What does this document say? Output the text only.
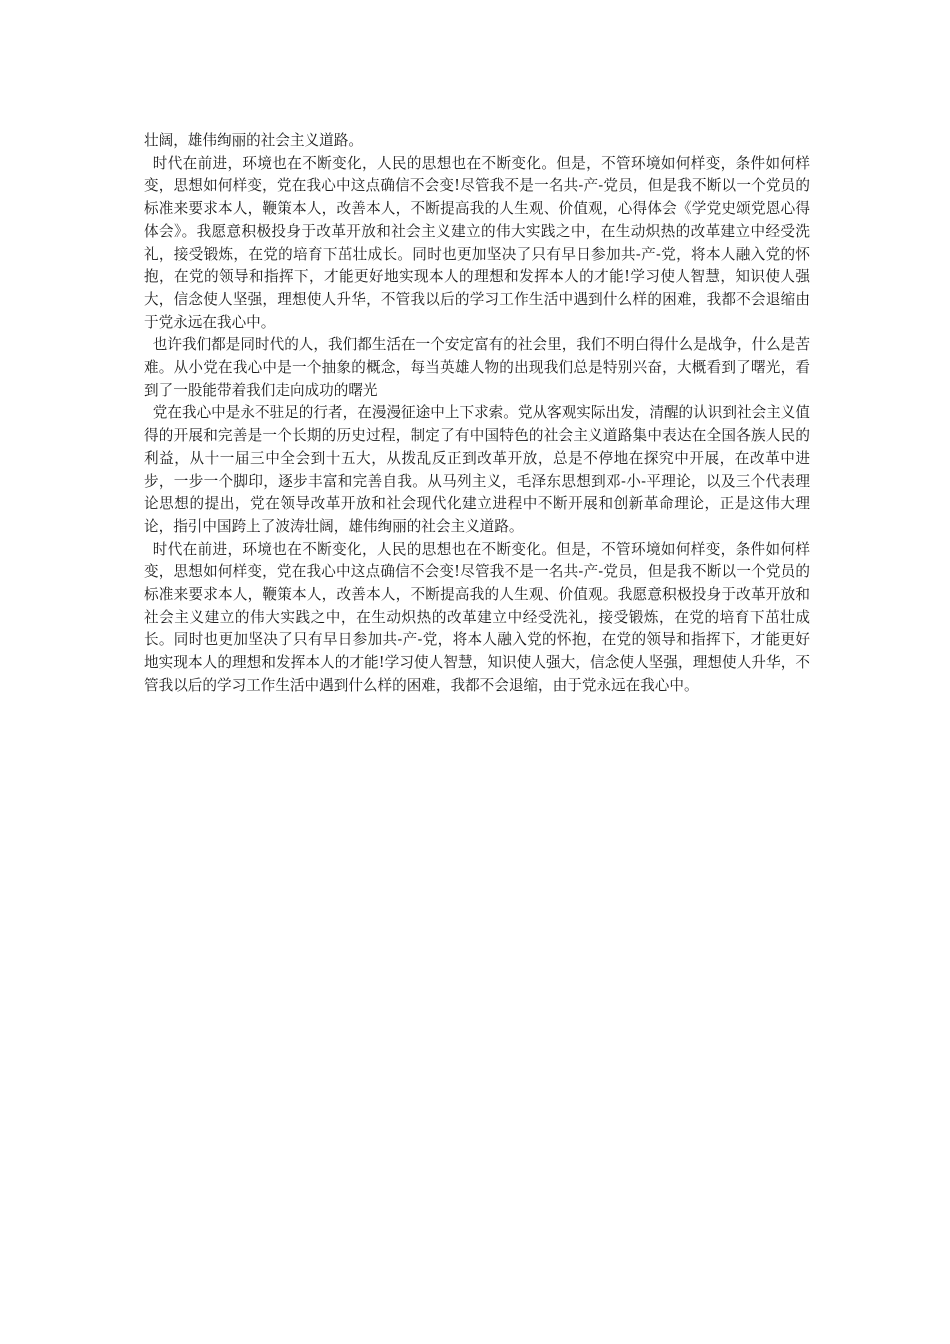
壮阔，雄伟绚丽的社会主义道路。

时代在前进，环境也在不断变化，人民的思想也在不断变化。但是，不管环境如何样变，条件如何样变，思想如何样变，党在我心中这点确信不会变!尽管我不是一名共-产-党员，但是我不断以一个党员的标准来要求本人，鞭策本人，改善本人，不断提高我的人生观、价值观，心得体会《学党史颂党恩心得体会》。我愿意积极投身于改革开放和社会主义建立的伟大实践之中，在生动炽热的改革建立中经受洗礼，接受锻炼，在党的培育下茁壮成长。同时也更加坚决了只有早日参加共-产-党，将本人融入党的怀抱，在党的领导和指挥下，才能更好地实现本人的理想和发挥本人的才能!学习使人智慧，知识使人强大，信念使人坚强，理想使人升华，不管我以后的学习工作生活中遇到什么样的困难，我都不会退缩由于党永远在我心中。

也许我们都是同时代的人，我们都生活在一个安定富有的社会里，我们不明白得什么是战争，什么是苦难。从小党在我心中是一个抽象的概念，每当英雄人物的出现我们总是特别兴奋，大概看到了曙光，看到了一股能带着我们走向成功的曙光

党在我心中是永不驻足的行者，在漫漫征途中上下求索。党从客观实际出发，清醒的认识到社会主义值得的开展和完善是一个长期的历史过程，制定了有中国特色的社会主义道路集中表达在全国各族人民的利益，从十一届三中全会到十五大，从拨乱反正到改革开放，总是不停地在探究中开展，在改革中进步，一步一个脚印，逐步丰富和完善自我。从马列主义，毛泽东思想到邓-小-平理论，以及三个代表理论思想的提出，党在领导改革开放和社会现代化建立进程中不断开展和创新革命理论，正是这伟大理论，指引中国跨上了波涛壮阔，雄伟绚丽的社会主义道路。

时代在前进，环境也在不断变化，人民的思想也在不断变化。但是，不管环境如何样变，条件如何样变，思想如何样变，党在我心中这点确信不会变!尽管我不是一名共-产-党员，但是我不断以一个党员的标准来要求本人，鞭策本人，改善本人，不断提高我的人生观、价值观。我愿意积极投身于改革开放和社会主义建立的伟大实践之中，在生动炽热的改革建立中经受洗礼，接受锻炼，在党的培育下茁壮成长。同时也更加坚决了只有早日参加共-产-党，将本人融入党的怀抱，在党的领导和指挥下，才能更好地实现本人的理想和发挥本人的才能!学习使人智慧，知识使人强大，信念使人坚强，理想使人升华，不管我以后的学习工作生活中遇到什么样的困难，我都不会退缩，由于党永远在我心中。
